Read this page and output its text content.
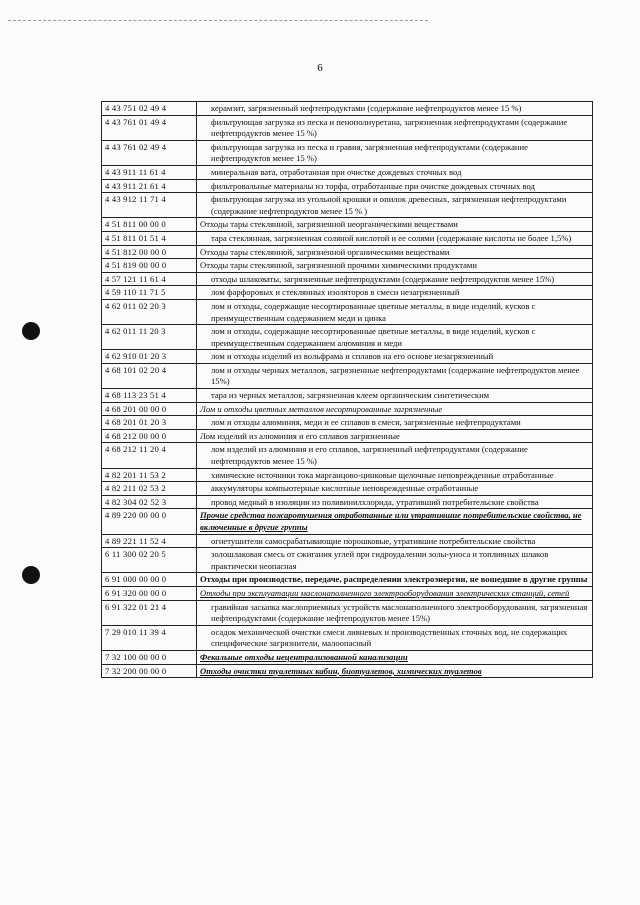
6
4 43 751 02 49 4	керамзит, загрязненный нефтепродуктами (содержание нефтепродуктов менее 15 %)
4 43 761 01 49 4	фильтрующая загрузка из песка и пенополиуретана, загрязненная нефтепродуктами (содержание нефтепродуктов менее 15 %)
4 43 761 02 49 4	фильтрующая загрузка из песка и гравия, загрязненная нефтепродуктами (содержание нефтепродуктов менее 15 %)
4 43 911 11 61 4	минеральная вата, отработанная при очистке дождевых сточных вод
4 43 911 21 61 4	фильтровальные материалы из торфа, отработанные при очистке дождевых сточных вод
4 43 912 11 71 4	фильтрующая загрузка из угольной крошки и опилок древесных, загрязненная нефтепродуктами (содержание нефтепродуктов менее 15 % )
4 51 811 00 00 0	Отходы тары стеклянной, загрязненной неорганическими веществами
4 51 811 01 51 4	тара стеклянная, загрязненная соляной кислотой и ее солями (содержание кислоты не более 1,5%)
4 51 812 00 00 0	Отходы тары стеклянной, загрязненной органическими веществами
4 51 819 00 00 0	Отходы тары стеклянной, загрязненной прочими химическими продуктами
4 57 121 11 61 4	отходы шлаковаты, загрязненные нефтепродуктами (содержание нефтепродуктов менее 15%)
4 59 110 11 71 5	лом фарфоровых и стеклянных изоляторов в смеси незагрязненный
4 62 011 02 20 3	лом и отходы, содержащие несортированные цветные металлы, в виде изделий, кусков с преимущественным содержанием меди и цинка
4 62 011 11 20 3	лом и отходы, содержащие несортированные цветные металлы, в виде изделий, кусков с преимущественным содержанием алюминия и меди
4 62 910 01 20 3	лом и отходы изделий из вольфрама и сплавов на его основе незагрязненный
4 68 101 02 20 4	лом и отходы черных металлов, загрязненные нефтепродуктами (содержание нефтепродуктов менее 15%)
4 68 113 23 51 4	тара из черных металлов, загрязненная клеем органическим синтетическим
4 68 201 00 00 0	Лом и отходы цветных металлов несортированные загрязненные
4 68 201 01 20 3	лом и отходы алюминия, меди и ее сплавов в смеси, загрязненные нефтепродуктами
4 68 212 00 00 0	Лом изделий из алюминия и его сплавов загрязненные
4 68 212 11 20 4	лом изделий из алюминия и его сплавов, загрязненный нефтепродуктами (содержание нефтепродуктов менее 15 %)
4 82 201 11 53 2	химические источники тока марганцово-цинковые щелочные неповрежденные отработанные
4 82 211 02 53 2	аккумуляторы компьютерные кислотные неповрежденные отработанные
4 82 304 02 52 3	провод медный в изоляции из поливинилхлорида, утративший потребительские свойства
4 89 220 00 00 0	Прочие средства пожаротушения отработанные или утратившие потребительские свойства, не включенные в другие группы
4 89 221 11 52 4	огнетушители самосрабатывающие порошковые, утратившие потребительские свойства
6 11 300 02 20 5	золошлаковая смесь от сжигания углей при гидроудалении золы-уноса и топливных шлаков практически неопасная
6 91 000 00 00 0	Отходы при производстве, передаче, распределении электроэнергии, не вошедшие в другие группы
6 91 320 00 00 0	Отходы при эксплуатации маслонаполненного электрооборудования электрических станций, сетей
6 91 322 01 21 4	гравийная засыпка маслоприемных устройств маслонаполненного электрооборудования, загрязненная нефтепродуктами (содержание нефтепродуктов менее 15%)
7 29 010 11 39 4	осадок механической очистки смеси ливневых и производственных сточных вод, не содержащих специфические загрязнители, малоопасный
7 32 100 00 00 0	Фекальные отходы нецентрализованной канализации
7 32 200 00 00 0	Отходы очистки туалетных кабин, биотуалетов, химических туалетов
